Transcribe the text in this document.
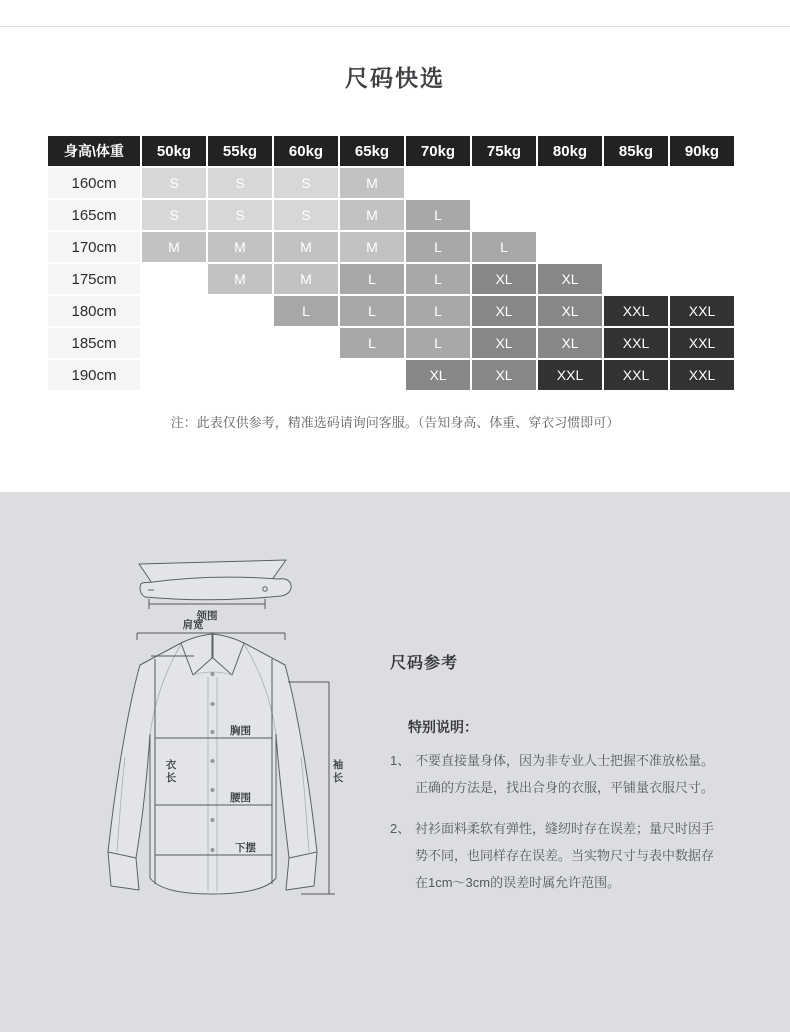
尺码快选
身高\体重	50kg	55kg	60kg	65kg	70kg	75kg	80kg	85kg	90kg
160cm	S	S	S	M					
165cm	S	S	S	M	L				
170cm	M	M	M	M	L	L			
175cm		M	M	L	L	XL	XL		
180cm			L	L	L	XL	XL	XXL	XXL
185cm				L	L	XL	XL	XXL	XXL
190cm					XL	XL	XXL	XXL	XXL

注：此表仅供参考，精准选码请询问客服。（告知身高、体重、穿衣习惯即可）

领围
肩宽
胸围
腰围
下摆
衣
长
袖
长
尺码参考
特别说明：
1、 不要直接量身体，因为非专业人士把握不准放松量。正确的方法是，找出合身的衣服，平铺量衣服尺寸。
2、 衬衫面料柔软有弹性，缝纫时存在误差；量尺时因手势不同，也同样存在误差。当实物尺寸与表中数据存在1cm～3cm的误差时属允许范围。
